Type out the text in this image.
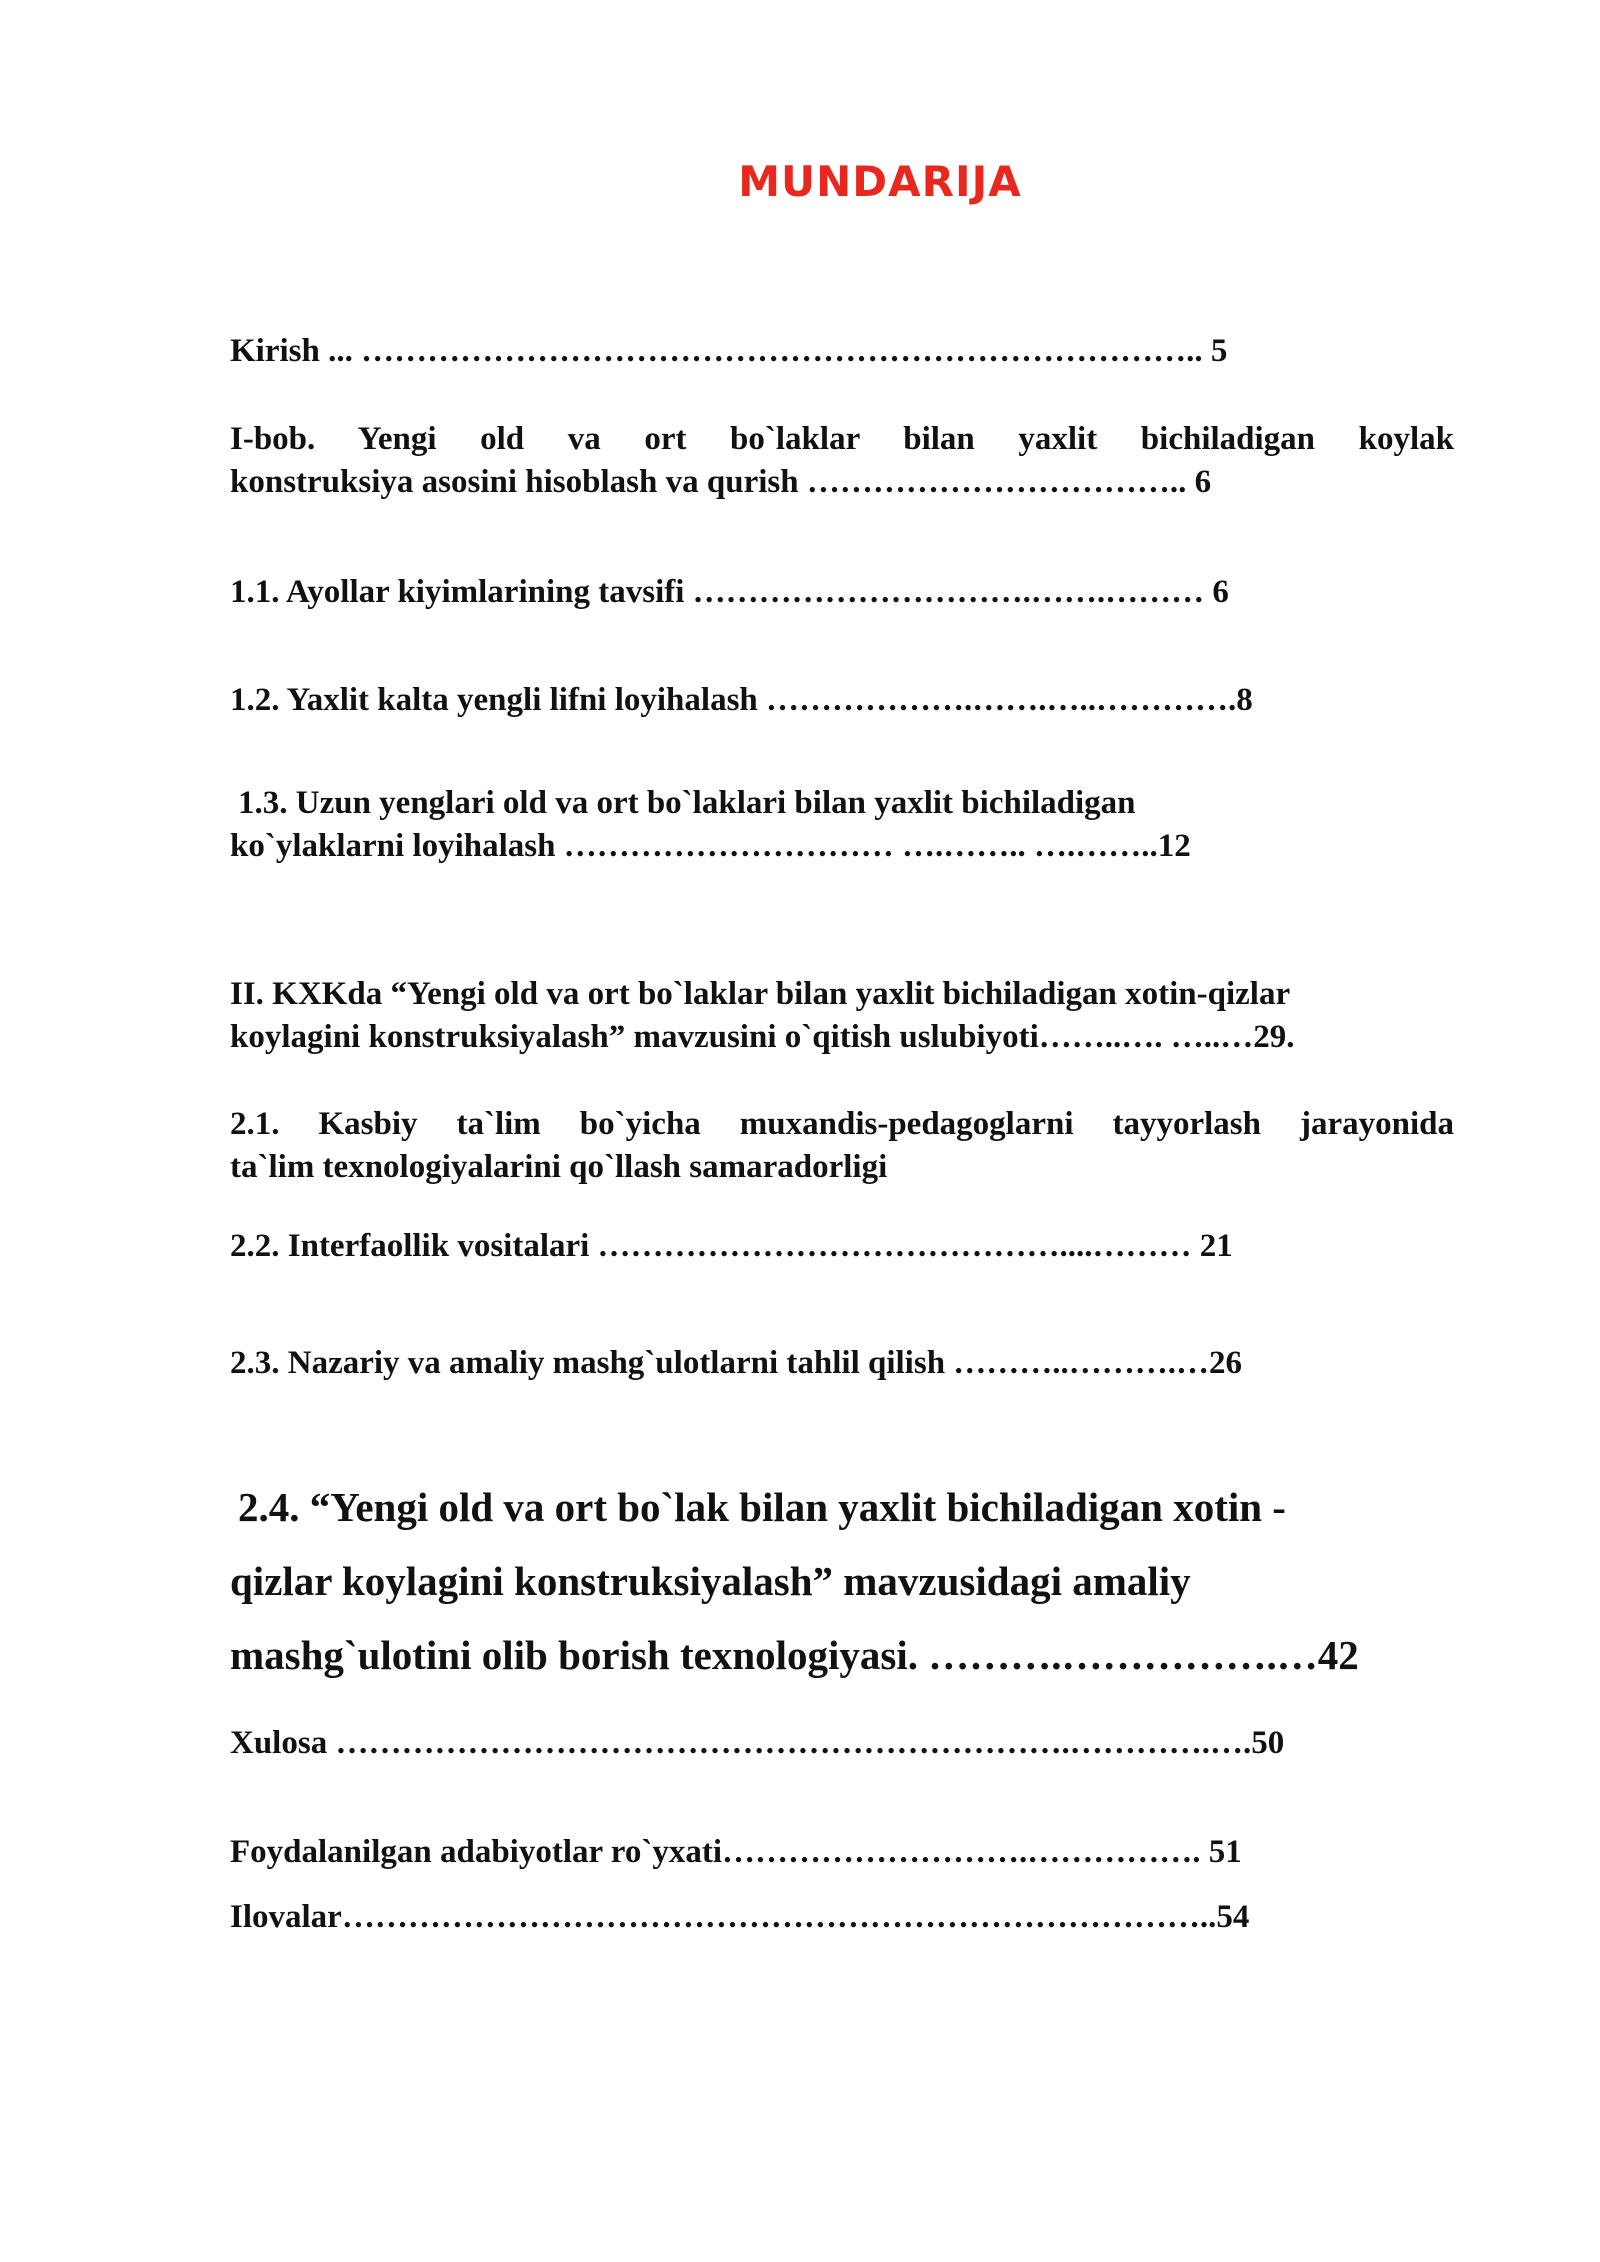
MUNDARIJA

Kirish ... ………………………………………………………………….. 5

I-bob. Yengi old va ort bo`laklar bilan yaxlit bichiladigan koylak

konstruksiya asosini hisoblash va qurish …………………………….. 6

1.1. Ayollar kiyimlarining tavsifi ………………………….…….……… 6

1.2. Yaxlit kalta yengli lifni loyihalash ……………….…….…..………….8

1.3. Uzun yenglari old va ort bo`laklari bilan yaxlit bichiladigan

ko`ylaklarni loyihalash ………………………… ….…….. ….……..12

II. KXKda “Yengi old va ort bo`laklar bilan yaxlit bichiladigan xotin-qizlar

koylagini konstruksiyalash” mavzusini o`qitish uslubiyoti……..…. …..…29.

2.1. Kasbiy ta`lim bo`yicha muxandis-pedagoglarni tayyorlash jarayonida

ta`lim texnologiyalarini qo`llash samaradorligi

2.2. Interfaollik vositalari ……………………………………....……… 21

2.3. Nazariy va amaliy mashg`ulotlarni tahlil qilish ………..……….…26

2.4. “Yengi old va ort bo`lak bilan yaxlit bichiladigan xotin -

qizlar koylagini konstruksiyalash” mavzusidagi amaliy

mashg`ulotini olib borish texnologiyasi. ……….…………….…42

Xulosa ………………………………………………………….………….….50

Foydalanilgan adabiyotlar ro`yxati……………………….……………. 51

Ilovalar……………………………………………………………………..54
